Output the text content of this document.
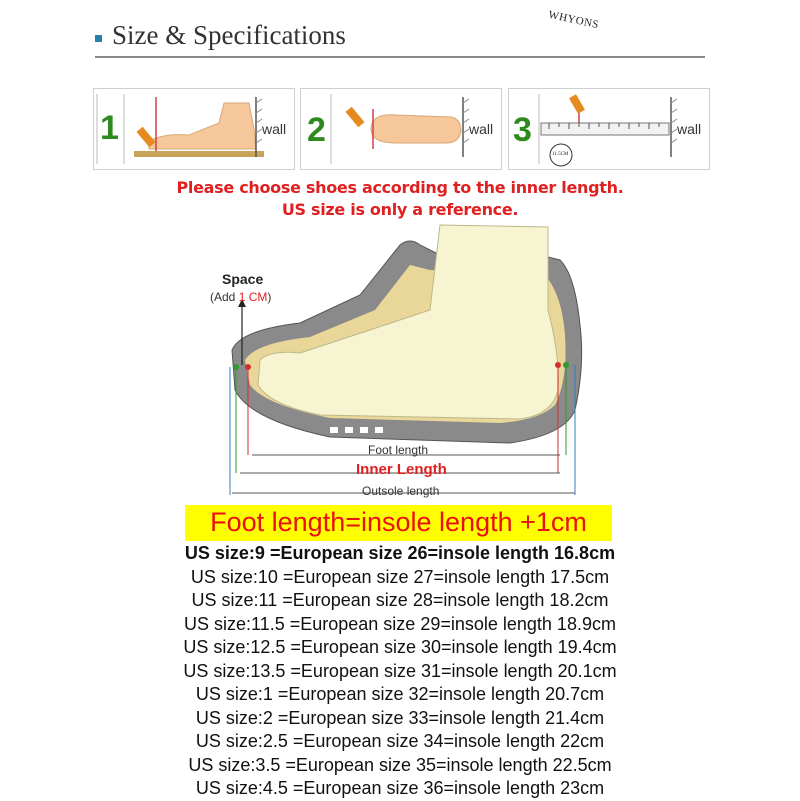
Size & Specifications	WHYONS
1	wall 2	wall 3	wall
11.5CM
Please choose shoes according to the inner length.
US size is only a reference.
Space
(Add 1 CM)
Foot length
Inner Length
Outsole length
Foot length=insole length +1cm
US size:9 =European size 26=insole length 16.8cm
US size:10 =European size 27=insole length 17.5cm
US size:11 =European size 28=insole length 18.2cm
US size:11.5 =European size 29=insole length 18.9cm
US size:12.5 =European size 30=insole length 19.4cm
US size:13.5 =European size 31=insole length 20.1cm
US size:1 =European size 32=insole length 20.7cm
US size:2 =European size 33=insole length 21.4cm
US size:2.5 =European size 34=insole length 22cm
US size:3.5 =European size 35=insole length 22.5cm
US size:4.5 =European size 36=insole length 23cm
